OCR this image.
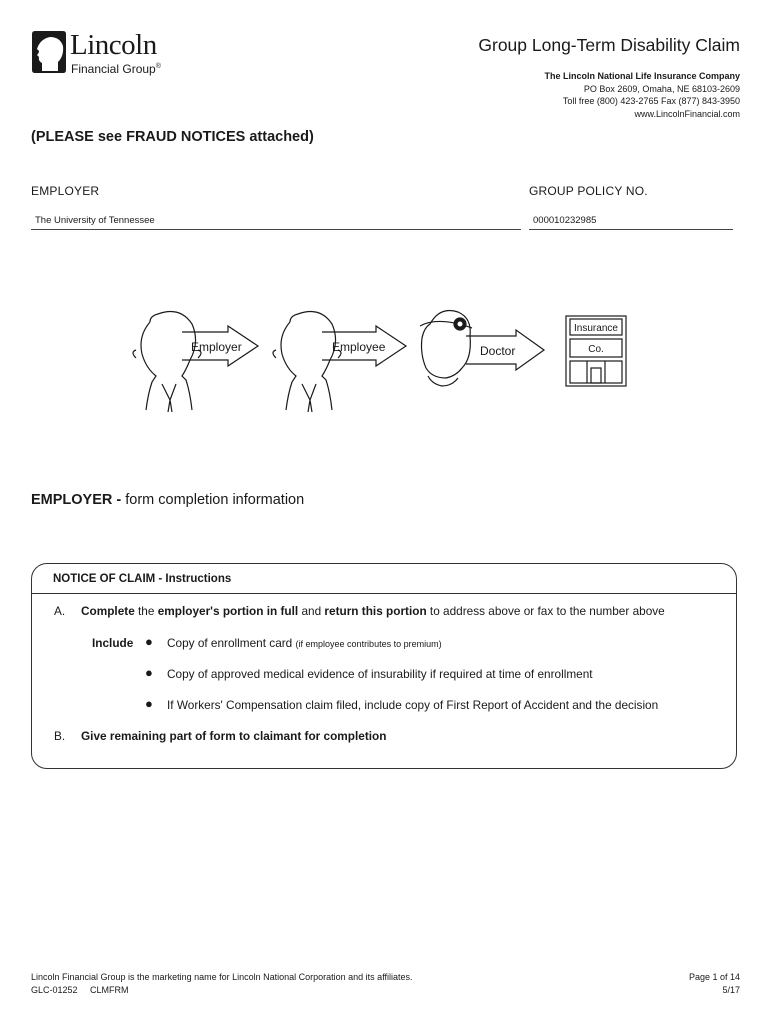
Lincoln
Financial Group®
Group Long-Term Disability Claim
The Lincoln National Life Insurance Company
PO Box 2609, Omaha, NE 68103-2609
Toll free (800) 423-2765 Fax (877) 843-3950
www.LincolnFinancial.com
(PLEASE see FRAUD NOTICES attached)
EMPLOYER	GROUP POLICY NO.
The University of Tennessee	000010232985
Employer	Employee	Doctor
Insurance
Co.
EMPLOYER - form completion information
NOTICE OF CLAIM - Instructions
A. Complete the employer's portion in full and return this portion to address above or fax to the number above
Include ● Copy of enrollment card (if employee contributes to premium)
● Copy of approved medical evidence of insurability if required at time of enrollment
● If Workers' Compensation claim filed, include copy of First Report of Accident and the decision
B. Give remaining part of form to claimant for completion
Lincoln Financial Group is the marketing name for Lincoln National Corporation and its affiliates.
GLC-01252     CLMFRM
Page 1 of 14
5/17
